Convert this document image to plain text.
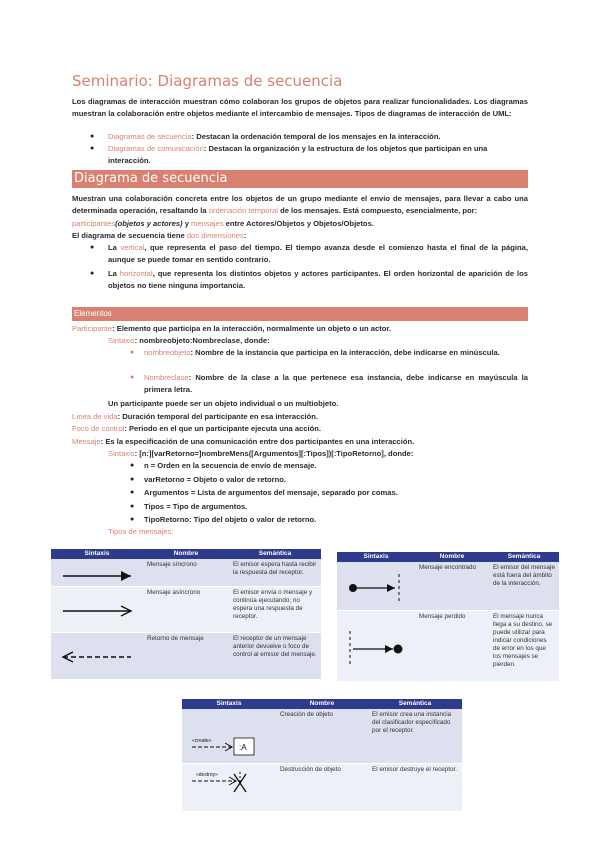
Seminario: Diagramas de secuencia
Los diagramas de interacción muestran cómo colaboran los grupos de objetos para realizar funcionalidades. Los diagramas muestran la colaboración entre objetos mediante el intercambio de mensajes. Tipos de diagramas de interacción de UML:
● Diagramas de secuencia: Destacan la ordenación temporal de los mensajes en la interacción.
● Diagramas de comunicación: Destacan la organización y la estructura de los objetos que participan en una interacción.
Diagrama de secuencia
Muestran una colaboración concreta entre los objetos de un grupo mediante el envío de mensajes, para llevar a cabo una determinada operación, resaltando la ordenación temporal de los mensajes. Está compuesto, esencialmente, por:
participantes(objetos y actores) y mensajes entre Actores/Objetos y Objetos/Objetos.
El diagrama de secuencia tiene dos dimensiones:
● La vertical, que representa el paso del tiempo. El tiempo avanza desde el comienzo hasta el final de la página, aunque se puede tomar en sentido contrario.
● La horizontal, que representa los distintos objetos y actores participantes. El orden horizontal de aparición de los objetos no tiene ninguna importancia.
Elementos
Participante: Elemento que participa en la interacción, normalmente un objeto o un actor.
Sintaxis: nombreobjeto:Nombreclase, donde:
● nombreobjeto: Nombre de la instancia que participa en la interacción, debe indicarse en minúscula.
● Nombreclase: Nombre de la clase a la que pertenece esa instancia, debe indicarse en mayúscula la primera letra.
Un participante puede ser un objeto individual o un multiobjeto.
Línea de vida: Duración temporal del participante en esa interacción.
Foco de control: Periodo en el que un participante ejecuta una acción.
Mensaje: Es la especificación de una comunicación entre dos participantes en una interacción.
Sintaxis: [n:][varRetorno=]nombreMens([Argumentos][:Tipos])[:TipoRetorno], donde:
● n = Orden en la secuencia de envío de mensaje.
● varRetorno = Objeto o valor de retorno.
● Argumentos = Lista de argumentos del mensaje, separado por comas.
● Tipos = Tipo de argumentos.
● TipoRetorno: Tipo del objeto o valor de retorno.
Tipos de mensajes:
Sintaxis	Nombre	Semántica

	Mensaje síncrono	El emisor espera hasta recibir la respuesta del receptor.

	Mensaje asíncrono	El emisor envía o mensaje y continúa ejecutando; no espera una respuesta de receptor.

	Retorno de mensaje	El receptor de un mensaje anterior devuelve o foco de control al emisor del mensaje.
Sintaxis	Nombre	Semántica

	Mensaje encontrado	El emisor del mensaje está fuera del ámbito de la interacción.

	Mensaje perdido	El mensaje nunca llega a su destino, se puede utilizar para indicar condiciones de error en los que los mensajes se pierden.
Sintaxis	Nombre	Semántica

«create»
:A	Creación de objeto	El emisor crea una instancia del clasificador especificado por el receptor.

«destroy»	Destrucción de objeto	El emisor destruye el receptor.
